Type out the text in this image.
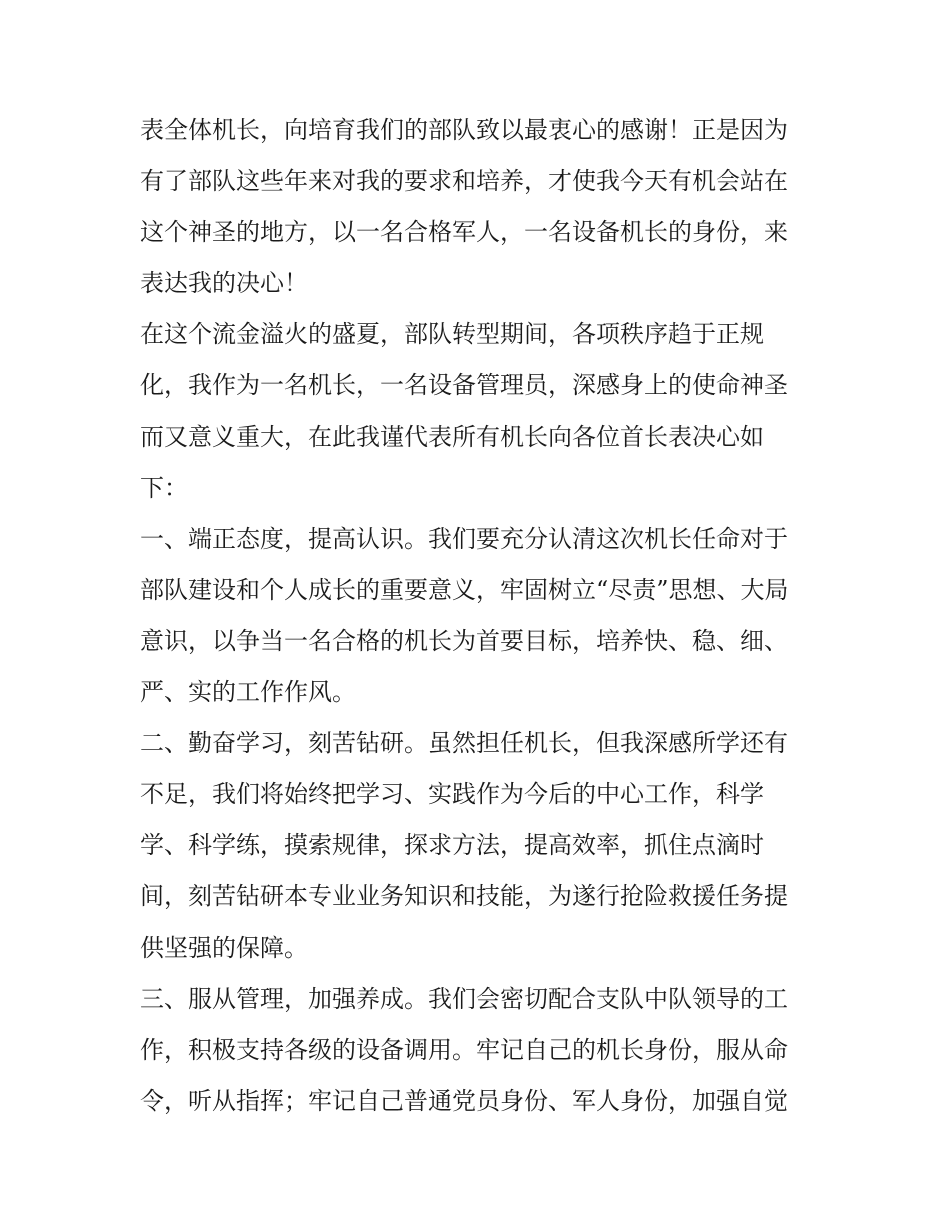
表全体机长，向培育我们的部队致以最衷心的感谢！正是因为
有了部队这些年来对我的要求和培养，才使我今天有机会站在
这个神圣的地方，以一名合格军人，一名设备机长的身份，来
表达我的决心！
在这个流金溢火的盛夏，部队转型期间，各项秩序趋于正规
化，我作为一名机长，一名设备管理员，深感身上的使命神圣
而又意义重大，在此我谨代表所有机长向各位首长表决心如
下：
一、端正态度，提高认识。我们要充分认清这次机长任命对于
部队建设和个人成长的重要意义，牢固树立“尽责”思想、大局
意识，以争当一名合格的机长为首要目标，培养快、稳、细、
严、实的工作作风。
二、勤奋学习，刻苦钻研。虽然担任机长，但我深感所学还有
不足，我们将始终把学习、实践作为今后的中心工作，科学
学、科学练，摸索规律，探求方法，提高效率，抓住点滴时
间，刻苦钻研本专业业务知识和技能，为遂行抢险救援任务提
供坚强的保障。
三、服从管理，加强养成。我们会密切配合支队中队领导的工
作，积极支持各级的设备调用。牢记自己的机长身份，服从命
令，听从指挥；牢记自己普通党员身份、军人身份，加强自觉
